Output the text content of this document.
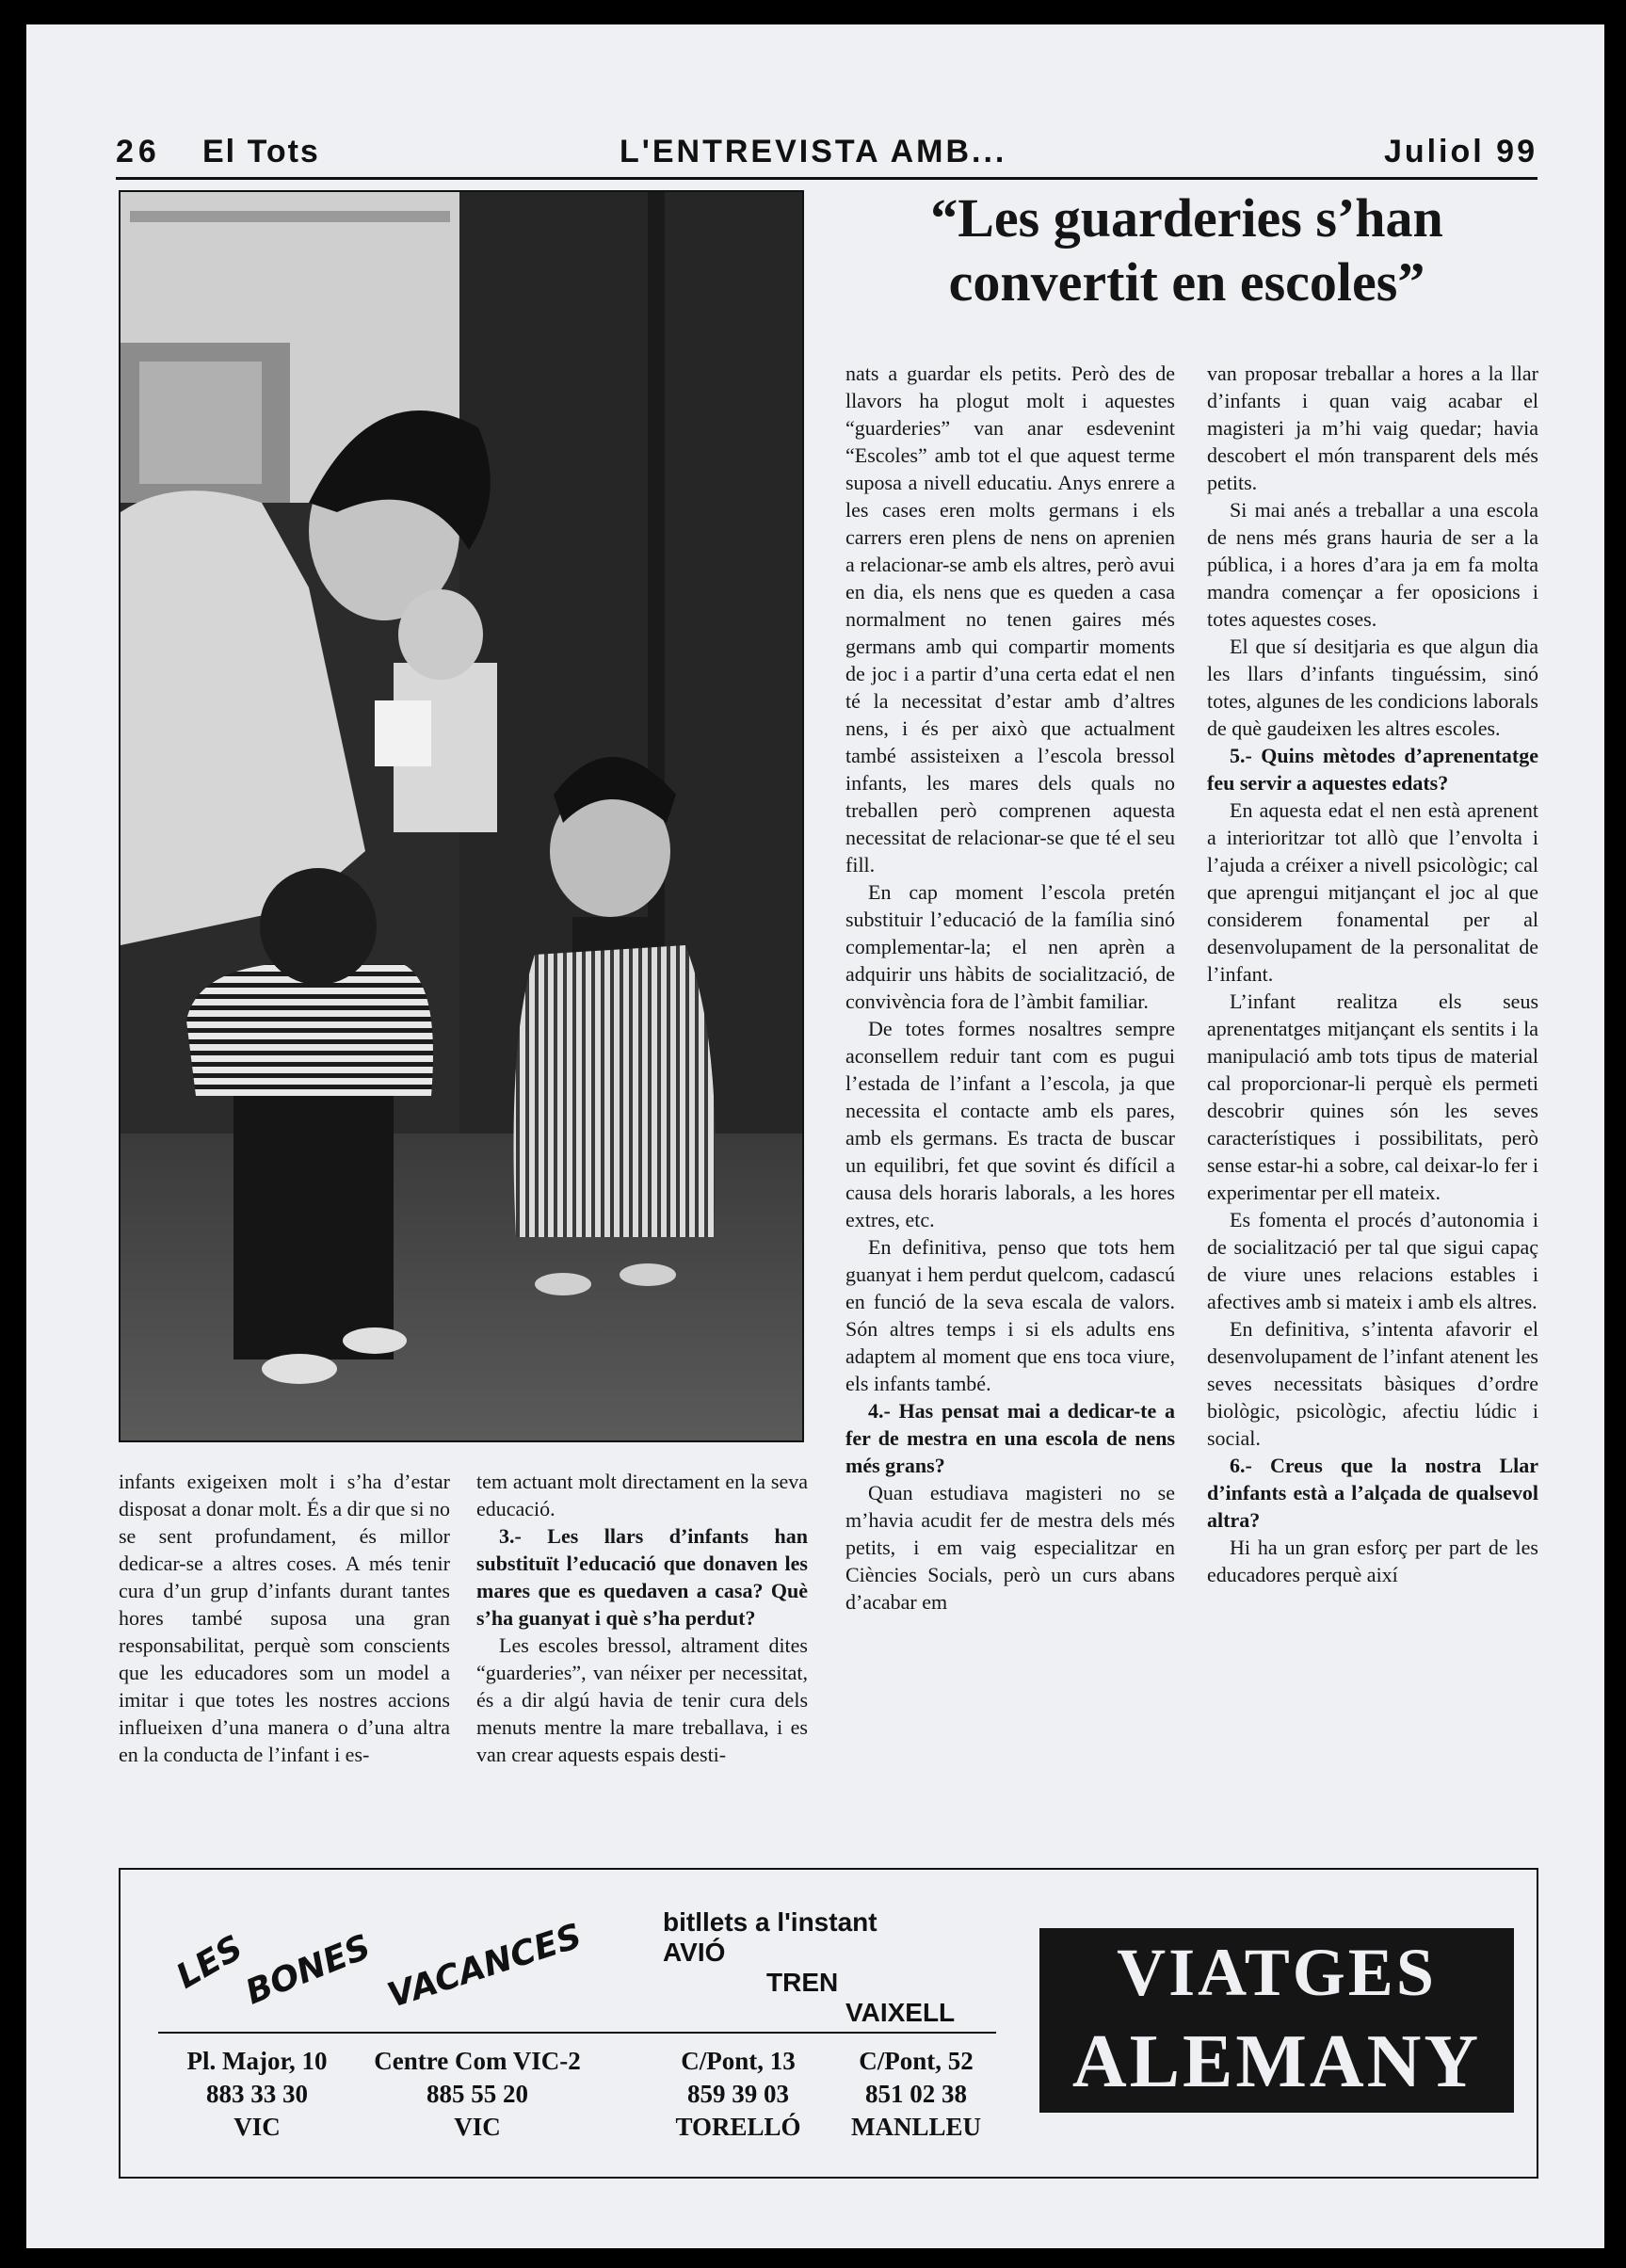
26 El Tots	L'ENTREVISTA AMB...	Juliol 99
“Les guarderies s’han
convertit en escoles”

infants exigeixen molt i s’ha d’estar disposat a donar molt. És a dir que si no se sent profundament, és millor dedicar-se a altres coses. A més tenir cura d’un grup d’infants durant tantes hores també suposa una gran responsabilitat, perquè som conscients que les educadores som un model a imitar i que totes les nostres accions influeixen d’una manera o d’una altra en la conducta de l’infant i es-

tem actuant molt directament en la seva educació.

3.- Les llars d’infants han substituït l’educació que donaven les mares que es quedaven a casa? Què s’ha guanyat i què s’ha perdut?

Les escoles bressol, altrament dites “guarderies”, van néixer per necessitat, és a dir algú havia de tenir cura dels menuts mentre la mare treballava, i es van crear aquests espais desti-

nats a guardar els petits. Però des de llavors ha plogut molt i aquestes “guarderies” van anar esdevenint “Escoles” amb tot el que aquest terme suposa a nivell educatiu. Anys enrere a les cases eren molts germans i els carrers eren plens de nens on aprenien a relacionar-se amb els altres, però avui en dia, els nens que es queden a casa normalment no tenen gaires més germans amb qui compartir moments de joc i a partir d’una certa edat el nen té la necessitat d’estar amb d’altres nens, i és per això que actualment també assisteixen a l’escola bressol infants, les mares dels quals no treballen però comprenen aquesta necessitat de relacionar-se que té el seu fill.

En cap moment l’escola pretén substituir l’educació de la família sinó complementar-la; el nen aprèn a adquirir uns hàbits de socialització, de convivència fora de l’àmbit familiar.

De totes formes nosaltres sempre aconsellem reduir tant com es pugui l’estada de l’infant a l’escola, ja que necessita el contacte amb els pares, amb els germans. Es tracta de buscar un equilibri, fet que sovint és difícil a causa dels horaris laborals, a les hores extres, etc.

En definitiva, penso que tots hem guanyat i hem perdut quelcom, cadascú en funció de la seva escala de valors. Són altres temps i si els adults ens adaptem al moment que ens toca viure, els infants també.

4.- Has pensat mai a dedicar-te a fer de mestra en una escola de nens més grans?

Quan estudiava magisteri no se m’havia acudit fer de mestra dels més petits, i em vaig especialitzar en Ciències Socials, però un curs abans d’acabar em

van proposar treballar a hores a la llar d’infants i quan vaig acabar el magisteri ja m’hi vaig quedar; havia descobert el món transparent dels més petits.

Si mai anés a treballar a una escola de nens més grans hauria de ser a la pública, i a hores d’ara ja em fa molta mandra començar a fer oposicions i totes aquestes coses.

El que sí desitjaria es que algun dia les llars d’infants tinguéssim, sinó totes, algunes de les condicions laborals de què gaudeixen les altres escoles.

5.- Quins mètodes d’aprenentatge feu servir a aquestes edats?

En aquesta edat el nen està aprenent a interioritzar tot allò que l’envolta i l’ajuda a créixer a nivell psicològic; cal que aprengui mitjançant el joc al que considerem fonamental per al desenvolupament de la personalitat de l’infant.

L’infant realitza els seus aprenentatges mitjançant els sentits i la manipulació amb tots tipus de material cal proporcionar-li perquè els permeti descobrir quines són les seves característiques i possibilitats, però sense estar-hi a sobre, cal deixar-lo fer i experimentar per ell mateix.

Es fomenta el procés d’autonomia i de socialització per tal que sigui capaç de viure unes relacions estables i afectives amb si mateix i amb els altres.

En definitiva, s’intenta afavorir el desenvolupament de l’infant atenent les seves necessitats bàsiques d’ordre biològic, psicològic, afectiu lúdic i social.

6.- Creus que la nostra Llar d’infants està a l’alçada de qualsevol altra?

Hi ha un gran esforç per part de les educadores perquè així

LES
BONES VACANCES	bitllets a l'instant
AVIÓ
TREN
VAIXELL
Pl. Major, 10
883 33 30
VIC
Centre Com VIC-2
885 55 20
VIC
C/Pont, 13
859 39 03
TORELLÓ
C/Pont, 52
851 02 38
MANLLEU
VIATGES
ALEMANY
